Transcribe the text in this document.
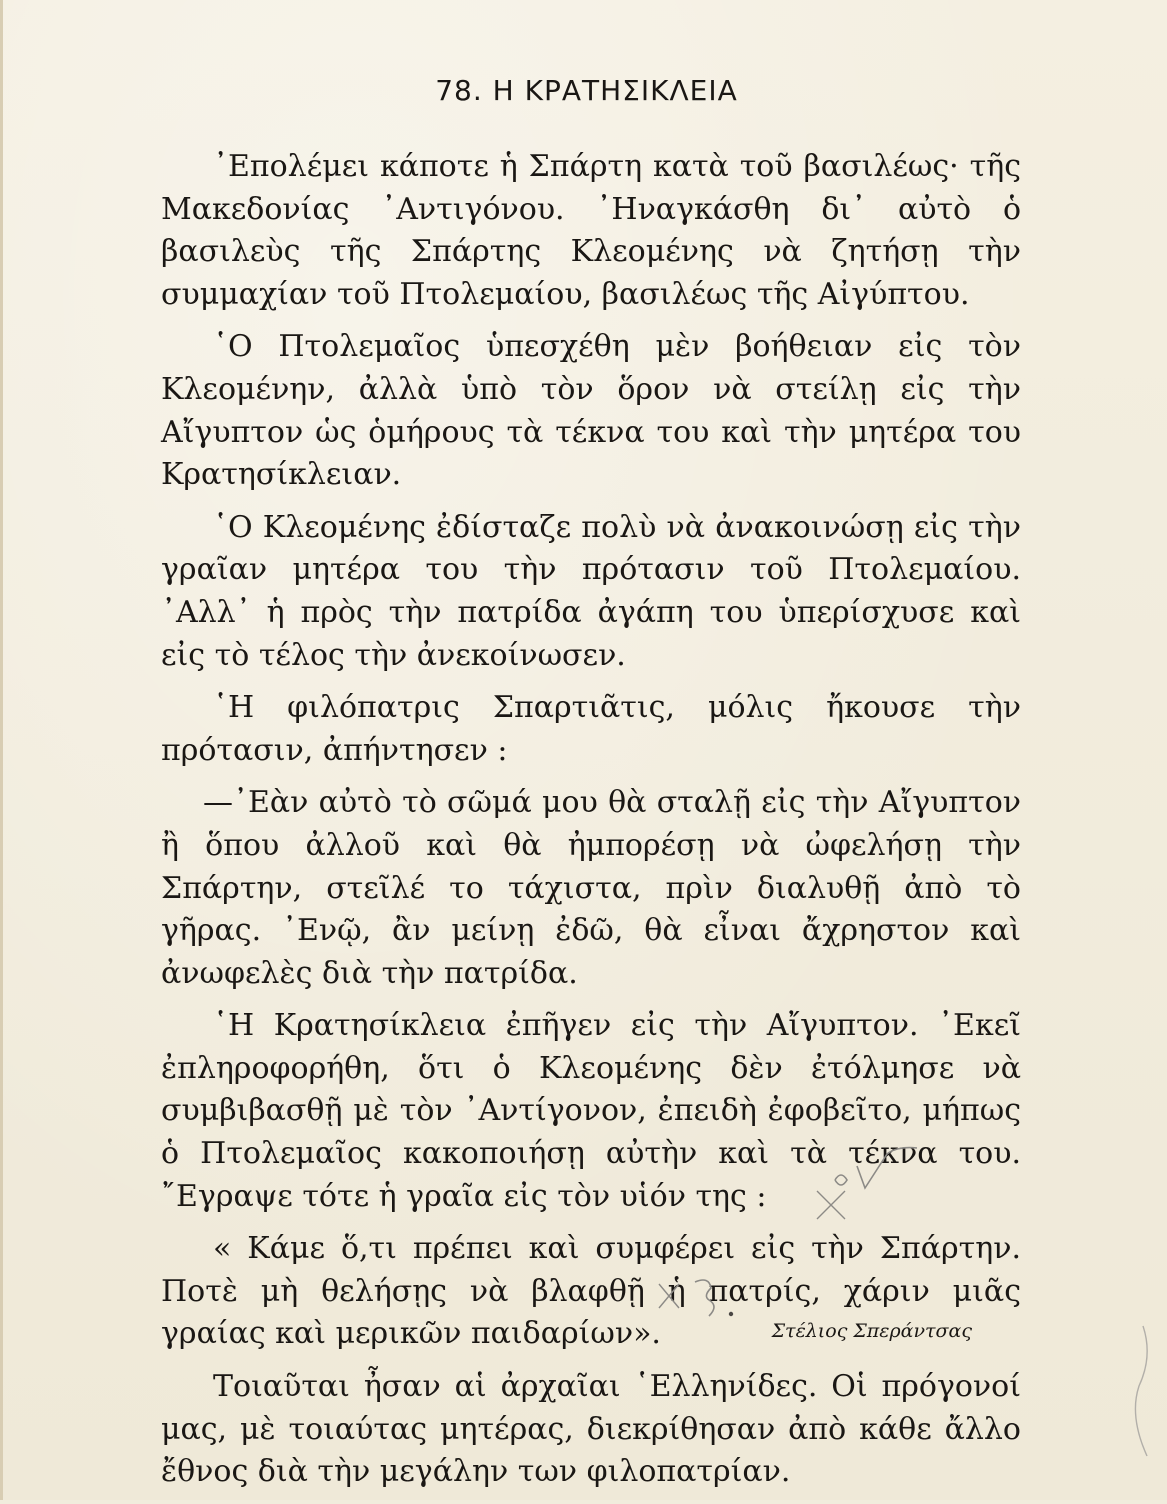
78. Η ΚΡΑΤΗΣΙΚΛΕΙΑ

᾿Επολέμει κάποτε ἡ Σπάρτη κατὰ τοῦ βασιλέως· τῆς Μακεδονίας ᾿Αντιγόνου. ᾿Ηναγκάσθη δι᾿ αὐτὸ ὁ βασιλεὺς τῆς Σπάρτης Κλεομένης νὰ ζητήσῃ τὴν συμμαχίαν τοῦ Πτολεμαίου, βασιλέως τῆς Αἰγύπτου.

῾Ο Πτολεμαῖος ὑπεσχέθη μὲν βοήθειαν εἰς τὸν Κλεομένην, ἀλλὰ ὑπὸ τὸν ὅρον νὰ στείλῃ εἰς τὴν Αἴγυπτον ὡς ὁμήρους τὰ τέκνα του καὶ τὴν μητέρα του Κρατησίκλειαν.

῾Ο Κλεομένης ἐδίσταζε πολὺ νὰ ἀνακοινώσῃ εἰς τὴν γραῖαν μητέρα του τὴν πρότασιν τοῦ Πτολεμαίου. ᾿Αλλ᾿ ἡ πρὸς τὴν πατρίδα ἀγάπη του ὑπερίσχυσε καὶ εἰς τὸ τέλος τὴν ἀνεκοίνωσεν.

῾Η φιλόπατρις Σπαρτιᾶτις, μόλις ἤκουσε τὴν πρότασιν, ἀπήντησεν :

—᾿Εὰν αὐτὸ τὸ σῶμά μου θὰ σταλῇ εἰς τὴν Αἴγυπτον ἢ ὅπου ἀλλοῦ καὶ θὰ ἠμπορέσῃ νὰ ὠφελήσῃ τὴν Σπάρτην, στεῖλέ το τάχιστα, πρὶν διαλυθῇ ἀπὸ τὸ γῆρας. ᾿Ενῷ, ἂν μείνῃ ἐδῶ, θὰ εἶναι ἄχρηστον καὶ ἀνωφελὲς διὰ τὴν πατρίδα.

῾Η Κρατησίκλεια ἐπῆγεν εἰς τὴν Αἴγυπτον. ᾿Εκεῖ ἐπληροφορήθη, ὅτι ὁ Κλεομένης δὲν ἐτόλμησε νὰ συμβιβασθῇ μὲ τὸν ᾿Αντίγονον, ἐπειδὴ ἐφοβεῖτο, μήπως ὁ Πτολεμαῖος κακοποιήσῃ αὐτὴν καὶ τὰ τέκνα του. ῎Εγραψε τότε ἡ γραῖα εἰς τὸν υἱόν της :

« Κάμε ὅ,τι πρέπει καὶ συμφέρει εἰς τὴν Σπάρτην. Ποτὲ μὴ θελήσῃς νὰ βλαφθῇ ἡ πατρίς, χάριν μιᾶς γραίας καὶ μερικῶν παιδαρίων».

Τοιαῦται ἦσαν αἱ ἀρχαῖαι ῾Ελληνίδες. Οἱ πρόγονοί μας, μὲ τοιαύτας μητέρας, διεκρίθησαν ἀπὸ κάθε ἄλλο ἔθνος διὰ τὴν μεγάλην των φιλοπατρίαν.

Στέλιος Σπεράντσας
